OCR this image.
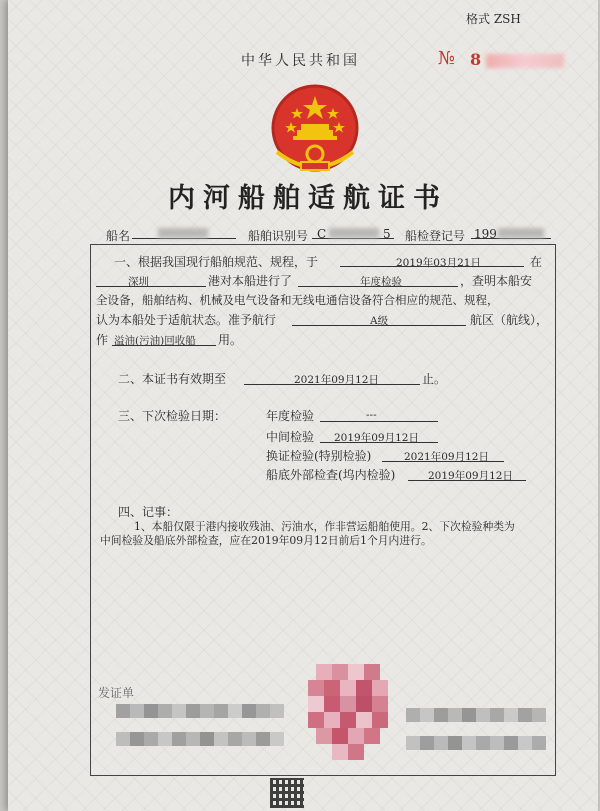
格式 ZSH
中华人民共和国	№ 8
内河船舶适航证书
船名	船舶识别号 C	5 船检登记号 199
一、根据我国现行船舶规范、规程，于	2019年03月21日	在
深圳	港对本船进行了	年度检验	，查明本船安
全设备，船舶结构、机械及电气设备和无线电通信设备符合相应的规范、规程，
认为本船处于适航状态。准予航行	A级	航区（航线），
作 溢油(污油)回收船 用。
二、本证书有效期至	2021年09月12日	止。
三、下次检验日期：	年度检验	---
中间检验 2019年09月12日
换证检验(特别检验)	2021年09月12日
船底外部检查(坞内检验)	2019年09月12日
四、记事：
1、本船仅限于港内接收残油、污油水，作非营运船舶使用。2、下次检验种类为
中间检验及船底外部检查，应在2019年09月12日前后1个月内进行。
发证单
